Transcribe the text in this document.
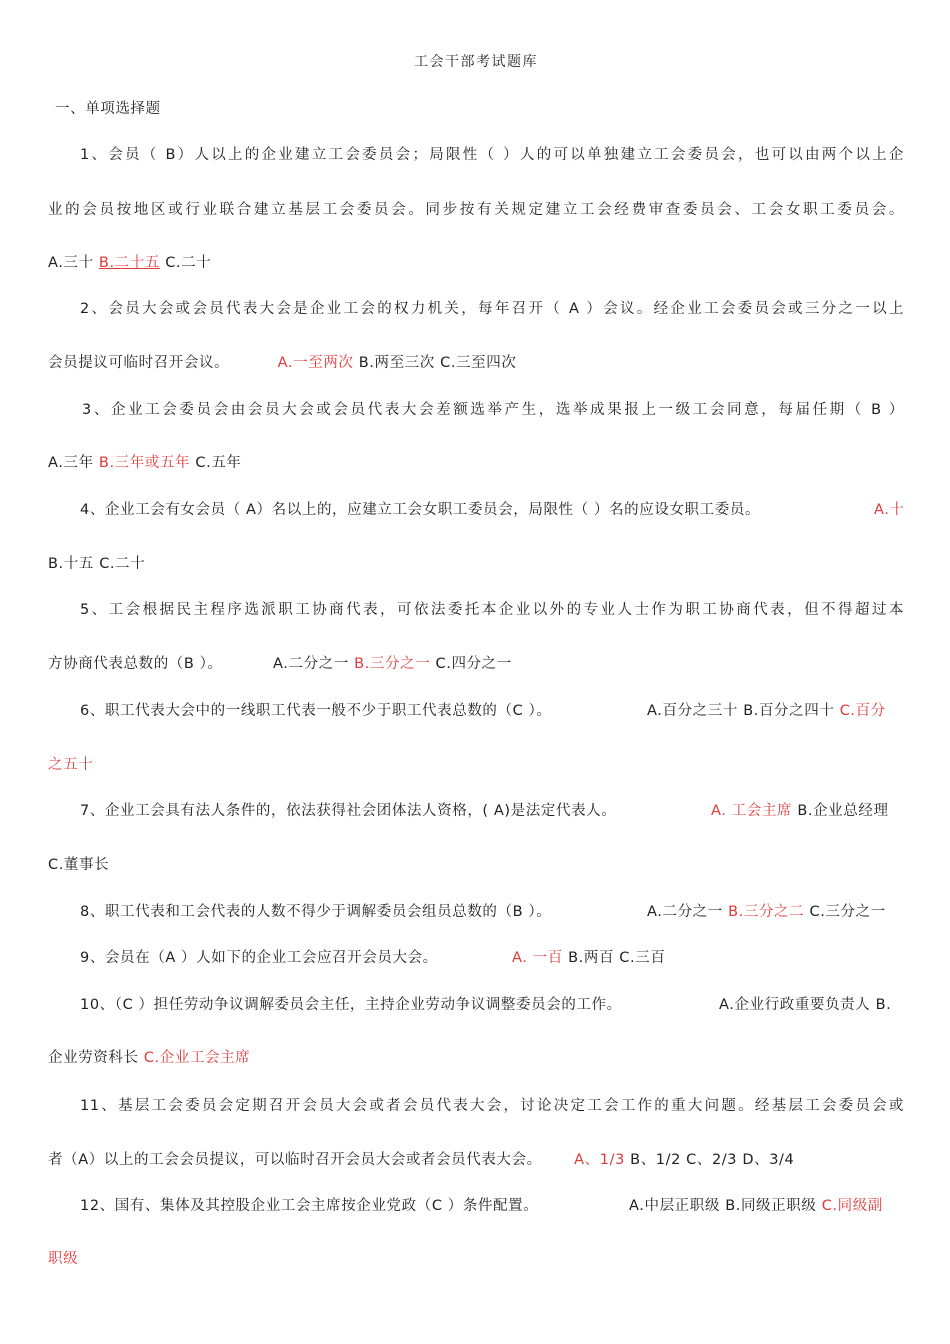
工会干部考试题库
一、单项选择题
1、会员（ B）人以上的企业建立工会委员会；局限性（ ）人的可以单独建立工会委员会，也可以由两个以上企
业的会员按地区或行业联合建立基层工会委员会。同步按有关规定建立工会经费审查委员会、工会女职工委员会。
A.三十 B.二十五 C.二十
2、会员大会或会员代表大会是企业工会的权力机关，每年召开（ A ）会议。经企业工会委员会或三分之一以上
会员提议可临时召开会议。	A.一至两次 B.两至三次 C.三至四次
3、企业工会委员会由会员大会或会员代表大会差额选举产生，选举成果报上一级工会同意，每届任期（ B ）
A.三年 B.三年或五年 C.五年
4、企业工会有女会员（ A）名以上的，应建立工会女职工委员会，局限性（ ）名的应设女职工委员。	A.十
B.十五 C.二十
5、工会根据民主程序选派职工协商代表，可依法委托本企业以外的专业人士作为职工协商代表，但不得超过本
方协商代表总数的（B ）。	A.二分之一 B.三分之一 C.四分之一
6、职工代表大会中的一线职工代表一般不少于职工代表总数的（C ）。	A.百分之三十 B.百分之四十 C.百分
之五十
7、企业工会具有法人条件的，依法获得社会团体法人资格，( A)是法定代表人。	A. 工会主席 B.企业总经理
C.董事长
8、职工代表和工会代表的人数不得少于调解委员会组员总数的（B ）。	A.二分之一 B.三分之二 C.三分之一
9、会员在（A ）人如下的企业工会应召开会员大会。	A. 一百 B.两百 C.三百
10、（C ）担任劳动争议调解委员会主任，主持企业劳动争议调整委员会的工作。	A.企业行政重要负责人 B.
企业劳资科长 C.企业工会主席
11、基层工会委员会定期召开会员大会或者会员代表大会，讨论决定工会工作的重大问题。经基层工会委员会或
者（A）以上的工会会员提议，可以临时召开会员大会或者会员代表大会。 A、1/3 B、1/2 C、2/3 D、3/4
12、国有、集体及其控股企业工会主席按企业党政（C ）条件配置。	A.中层正职级 B.同级正职级 C.同级副
职级
